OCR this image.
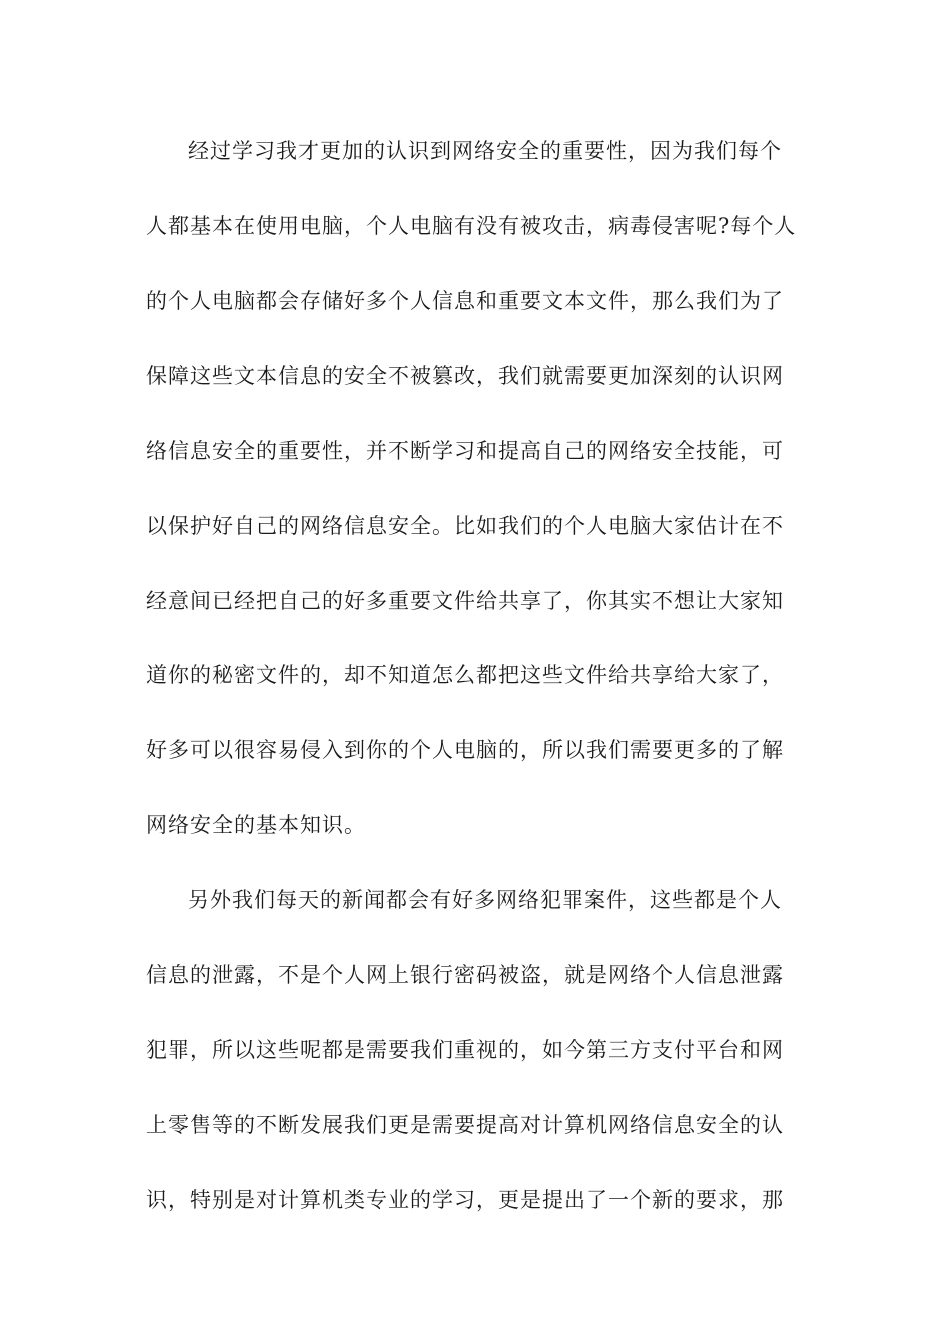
经过学习我才更加的认识到网络安全的重要性，因为我们每个
人都基本在使用电脑，个人电脑有没有被攻击，病毒侵害呢?每个人
的个人电脑都会存储好多个人信息和重要文本文件，那么我们为了
保障这些文本信息的安全不被篡改，我们就需要更加深刻的认识网
络信息安全的重要性，并不断学习和提高自己的网络安全技能，可
以保护好自己的网络信息安全。比如我们的个人电脑大家估计在不
经意间已经把自己的好多重要文件给共享了，你其实不想让大家知
道你的秘密文件的，却不知道怎么都把这些文件给共享给大家了，
好多可以很容易侵入到你的个人电脑的，所以我们需要更多的了解
网络安全的基本知识。
另外我们每天的新闻都会有好多网络犯罪案件，这些都是个人
信息的泄露，不是个人网上银行密码被盗，就是网络个人信息泄露
犯罪，所以这些呢都是需要我们重视的，如今第三方支付平台和网
上零售等的不断发展我们更是需要提高对计算机网络信息安全的认
识，特别是对计算机类专业的学习，更是提出了一个新的要求，那
